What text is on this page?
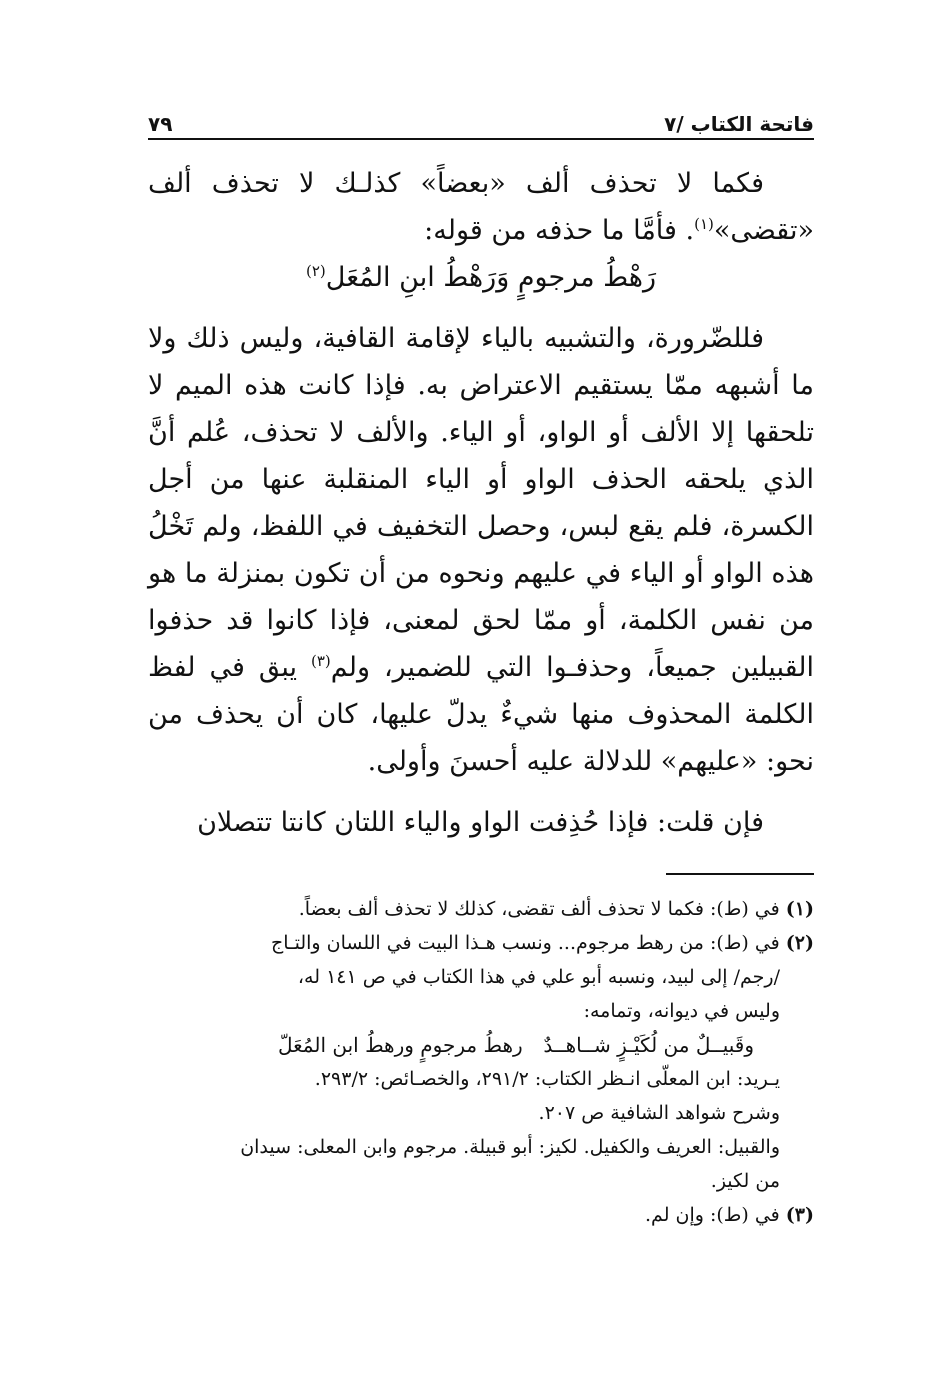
فاتحة الكتاب /٧
٧٩

فكما لا تحذف ألف «بعضاً» كذلـك لا تحذف ألف «تقضى»$^{(١)}$. فأمَّا ما حذفه من قوله:

رَهْطُ مرجومٍ وَرَهْطُ ابنِ المُعَل$^{(٢)}$

فللضّرورة، والتشبيه بالياء لإقامة القافية، وليس ذلك ولا ما أشبهه ممّا يستقيم الاعتراض به. فإذا كانت هذه الميم لا تلحقها إلا الألف أو الواو، أو الياء. والألف لا تحذف، عُلم أنَّ الذي يلحقه الحذف الواو أو الياء المنقلبة عنها من أجل الكسرة، فلم يقع لبس، وحصل التخفيف في اللفظ، ولم تَخْلُ هذه الواو أو الياء في عليهم ونحوه من أن تكون بمنزلة ما هو من نفس الكلمة، أو ممّا لحق لمعنى، فإذا كانوا قد حذفوا القبيلين جميعاً، وحذفـوا التي للضمير، ولم$^{(٣)}$ يبق في لفظ الكلمة المحذوف منها شيءٌ يدلّ عليها، كان أن يحذف من نحو: «عليهم» للدلالة عليه أحسنَ وأولى.

فإن قلت: فإذا حُذِفت الواو والياء اللتان كانتا تتصلان

(١) في (ط): فكما لا تحذف ألف تقضى، كذلك لا تحذف ألف بعضاً.

(٢) في (ط): من رهط مرجوم... ونسب هـذا البيت في اللسان والتـاج

/رجم/ إلى لبيد، ونسبه أبو علي في هذا الكتاب في ص ١٤١ له،

وليس في ديوانه، وتمامه:

وقَبيــلٌ من لُكَيْـزٍ شــاهــدٌ
رهطُ مرجومٍ ورهطُ ابن المُعَلّ

يـريد: ابن المعلّى انـظر الكتاب: ٢٩١/٢، والخصـائص: ٢٩٣/٢.

وشرح شواهد الشافية ص ٢٠٧.

والقبيل: العريف والكفيل. لكيز: أبو قبيلة. مرجوم وابن المعلى: سيدان

من لكيز.

(٣) في (ط): وإن لم.
